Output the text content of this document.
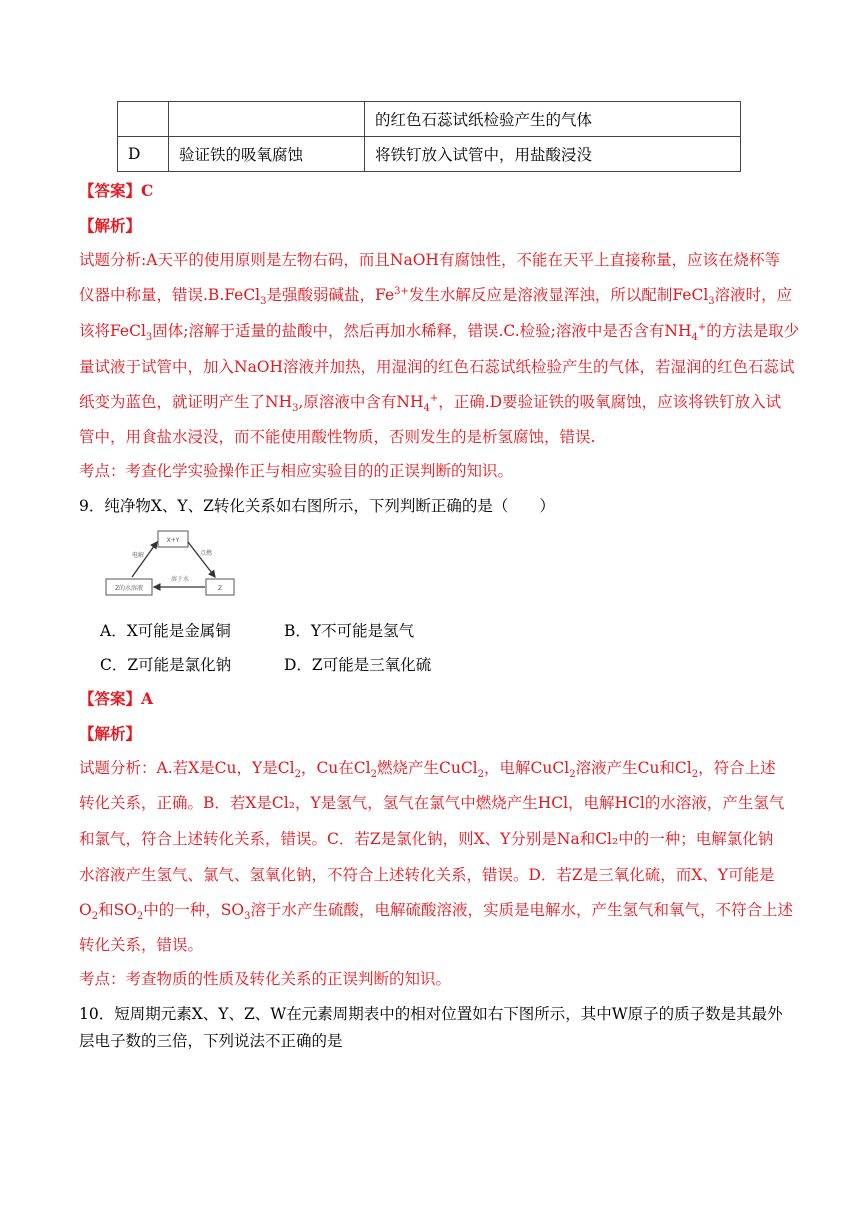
		的红色石蕊试纸检验产生的气体
D	验证铁的吸氧腐蚀	将铁钉放入试管中，用盐酸浸没
【答案】C
【解析】
试题分析:A天平的使用原则是左物右码，而且NaOH有腐蚀性，不能在天平上直接称量，应该在烧杯等
仪器中称量，错误.B.FeCl$_3$是强酸弱碱盐，$Fe^{3+}$发生水解反应是溶液显浑浊，所以配制FeCl$_3$溶液时，应
该将FeCl$_3$固体;溶解于适量的盐酸中，然后再加水稀释，错误.C.检验;溶液中是否含有$NH_4^+$的方法是取少
量试液于试管中，加入NaOH溶液并加热，用湿润的红色石蕊试纸检验产生的气体，若湿润的红色石蕊试
纸变为蓝色，就证明产生了$NH_3$,原溶液中含有$NH_4^+$，正确.D要验证铁的吸氧腐蚀，应该将铁钉放入试
管中，用食盐水浸没，而不能使用酸性物质，否则发生的是析氢腐蚀，错误.
考点：考查化学实验操作正与相应实验目的的正误判断的知识。
9．纯净物X、Y、Z转化关系如右图所示，下列判断正确的是（　　）
X+Y
Z的水溶液	Z
电解	点燃
溶于水
A．X可能是金属铜	B．Y不可能是氢气
C．Z可能是氯化钠	D．Z可能是三氧化硫
【答案】A
【解析】
试题分析：A.若X是Cu，Y是$Cl_2$，Cu在$Cl_2$燃烧产生CuCl$_2$，电解CuCl$_2$溶液产生Cu和$Cl_2$，符合上述
转化关系，正确。B．若X是Cl₂，Y是氢气，氢气在氯气中燃烧产生HCl，电解HCl的水溶液，产生氢气
和氯气，符合上述转化关系，错误。C．若Z是氯化钠，则X、Y分别是Na和Cl₂中的一种；电解氯化钠
水溶液产生氢气、氯气、氢氧化钠，不符合上述转化关系，错误。D．若Z是三氧化硫，而X、Y可能是
$O_2$和$SO_2$中的一种，$SO_3$溶于水产生硫酸，电解硫酸溶液，实质是电解水，产生氢气和氧气，不符合上述
转化关系，错误。
考点：考查物质的性质及转化关系的正误判断的知识。
10．短周期元素X、Y、Z、W在元素周期表中的相对位置如右下图所示，其中W原子的质子数是其最外
层电子数的三倍，下列说法不正确的是
